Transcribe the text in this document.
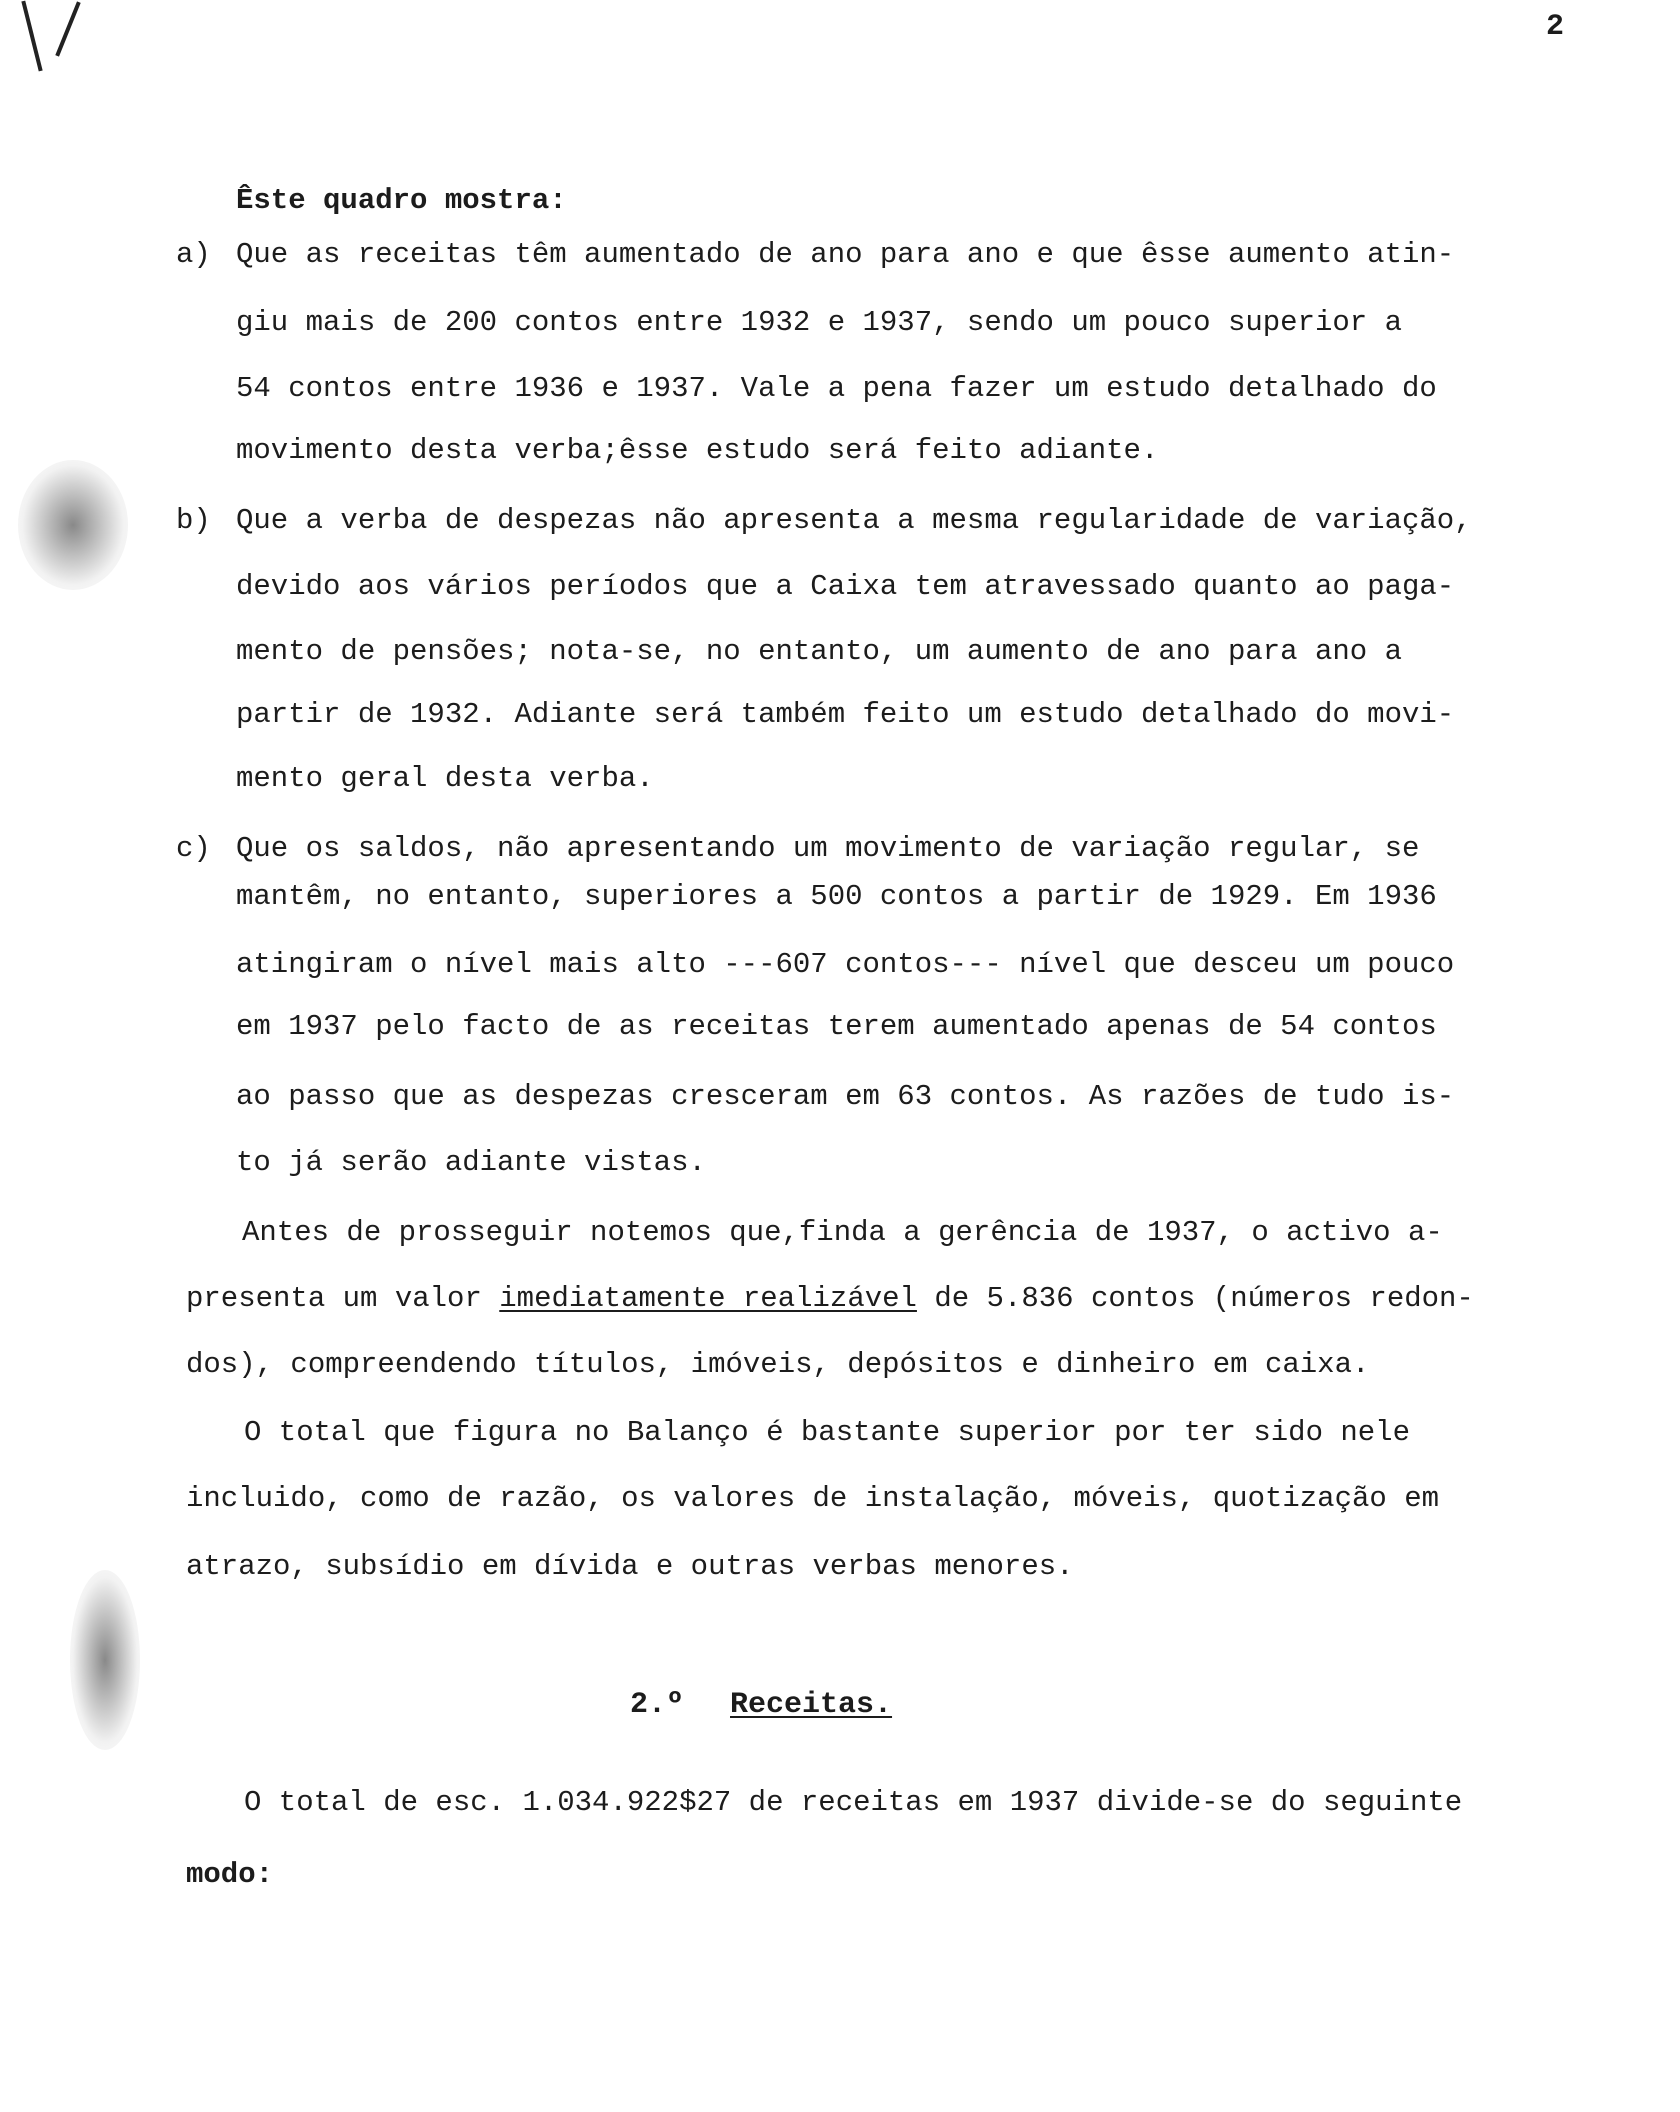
2
Êste quadro mostra:
a) Que as receitas têm aumentado de ano para ano e que êsse aumento atin-
giu mais de 200 contos entre 1932 e 1937, sendo um pouco superior a
54 contos entre 1936 e 1937. Vale a pena fazer um estudo detalhado do
movimento desta verba;êsse estudo será feito adiante.
b) Que a verba de despezas não apresenta a mesma regularidade de variação,
devido aos vários períodos que a Caixa tem atravessado quanto ao paga-
mento de pensões; nota-se, no entanto, um aumento de ano para ano a
partir de 1932. Adiante será também feito um estudo detalhado do movi-
mento geral desta verba.
c) Que os saldos, não apresentando um movimento de variação regular, se
mantêm, no entanto, superiores a 500 contos a partir de 1929. Em 1936
atingiram o nível mais alto ---607 contos--- nível que desceu um pouco
em 1937 pelo facto de as receitas terem aumentado apenas de 54 contos
ao passo que as despezas cresceram em 63 contos. As razões de tudo is-
to já serão adiante vistas.
Antes de prosseguir notemos que,finda a gerência de 1937, o activo a-
presenta um valor imediatamente realizável de 5.836 contos (números redon-
dos), compreendendo títulos, imóveis, depósitos e dinheiro em caixa.
O total que figura no Balanço é bastante superior por ter sido nele
incluido, como de razão, os valores de instalação, móveis, quotização em
atrazo, subsídio em dívida e outras verbas menores.
2.º Receitas.
O total de esc. 1.034.922$27 de receitas em 1937 divide-se do seguinte
modo:
